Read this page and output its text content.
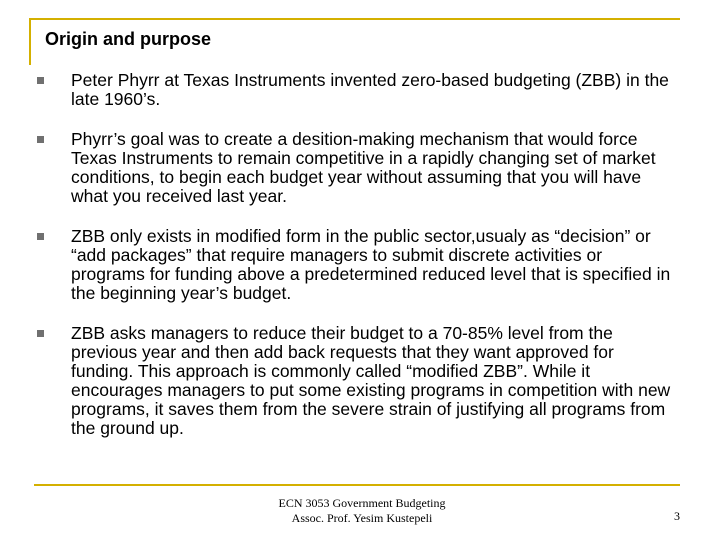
Origin and purpose
Peter Phyrr at Texas Instruments invented zero-based budgeting (ZBB) in the late 1960’s.
Phyrr’s goal was to create a desition-making mechanism that would force Texas Instruments to remain competitive in a rapidly changing set of market conditions, to begin each budget year without assuming that you will have what you received last year.
ZBB only exists in modified form in the public sector,usualy as “decision” or “add packages” that require managers to submit discrete activities or programs for funding above a predetermined reduced level that is specified in the beginning year’s budget.
ZBB asks managers to reduce their budget to a 70-85% level from the previous year and then add back requests that they want approved for funding. This approach is commonly called “modified ZBB”. While it encourages managers to put some existing programs in competition with new programs, it saves them from the severe strain of justifying all programs from the ground up.
ECN 3053 Government Budgeting
Assoc. Prof. Yesim Kustepeli	3
